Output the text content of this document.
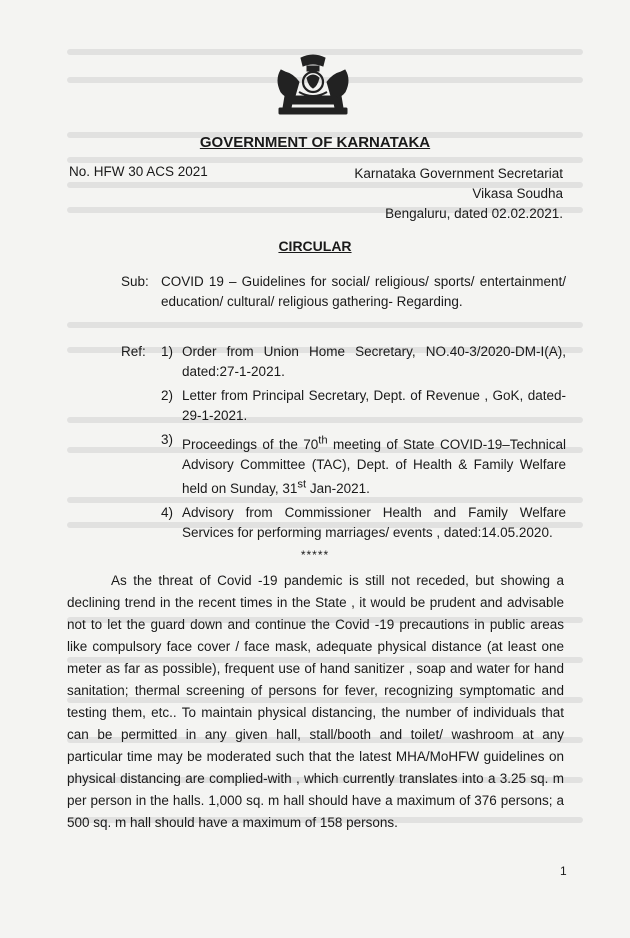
GOVERNMENT OF KARNATAKA
No. HFW 30 ACS 2021	Karnataka Government Secretariat
Vikasa Soudha
Bengaluru, dated 02.02.2021.
CIRCULAR
Sub: COVID 19 – Guidelines for social/ religious/ sports/ entertainment/ education/ cultural/ religious gathering- Regarding.
Ref: 1) Order from Union Home Secretary, NO.40-3/2020-DM-I(A), dated:27-1-2021.
2) Letter from Principal Secretary, Dept. of Revenue , GoK, dated-29-1-2021.
3) Proceedings of the 70th meeting of State COVID-19–Technical Advisory Committee (TAC), Dept. of Health & Family Welfare held on Sunday, 31st Jan-2021.
4) Advisory from Commissioner Health and Family Welfare Services for performing marriages/ events , dated:14.05.2020.
*****

As the threat of Covid -19 pandemic is still not receded, but showing a declining trend in the recent times in the State , it would be prudent and advisable not to let the guard down and continue the Covid -19 precautions in public areas like compulsory face cover / face mask, adequate physical distance (at least one meter as far as possible), frequent use of hand sanitizer , soap and water for hand sanitation; thermal screening of persons for fever, recognizing symptomatic and testing them, etc.. To maintain physical distancing, the number of individuals that can be permitted in any given hall, stall/booth and toilet/ washroom at any particular time may be moderated such that the latest MHA/MoHFW guidelines on physical distancing are complied-with , which currently translates into a 3.25 sq. m per person in the halls. 1,000 sq. m hall should have a maximum of 376 persons; a 500 sq. m hall should have a maximum of 158 persons.

1
